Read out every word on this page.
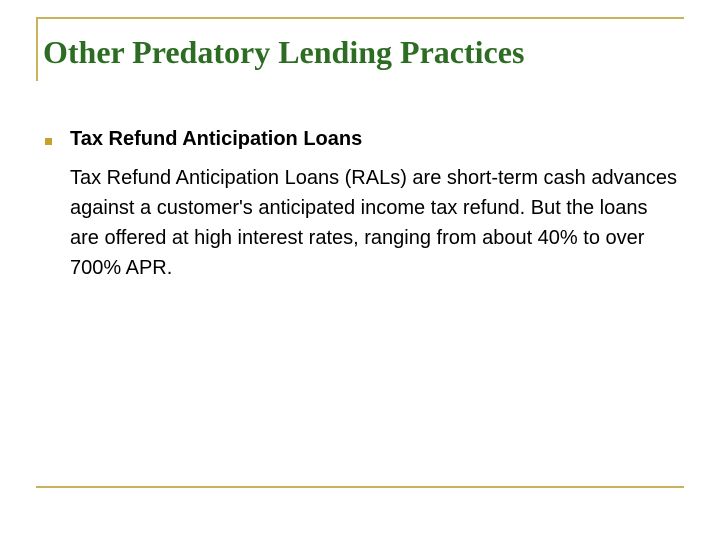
Other Predatory Lending Practices

Tax Refund Anticipation Loans

Tax Refund Anticipation Loans (RALs) are short-term cash advances against a customer's anticipated income tax refund. But the loans are offered at high interest rates, ranging from about 40% to over 700% APR.
